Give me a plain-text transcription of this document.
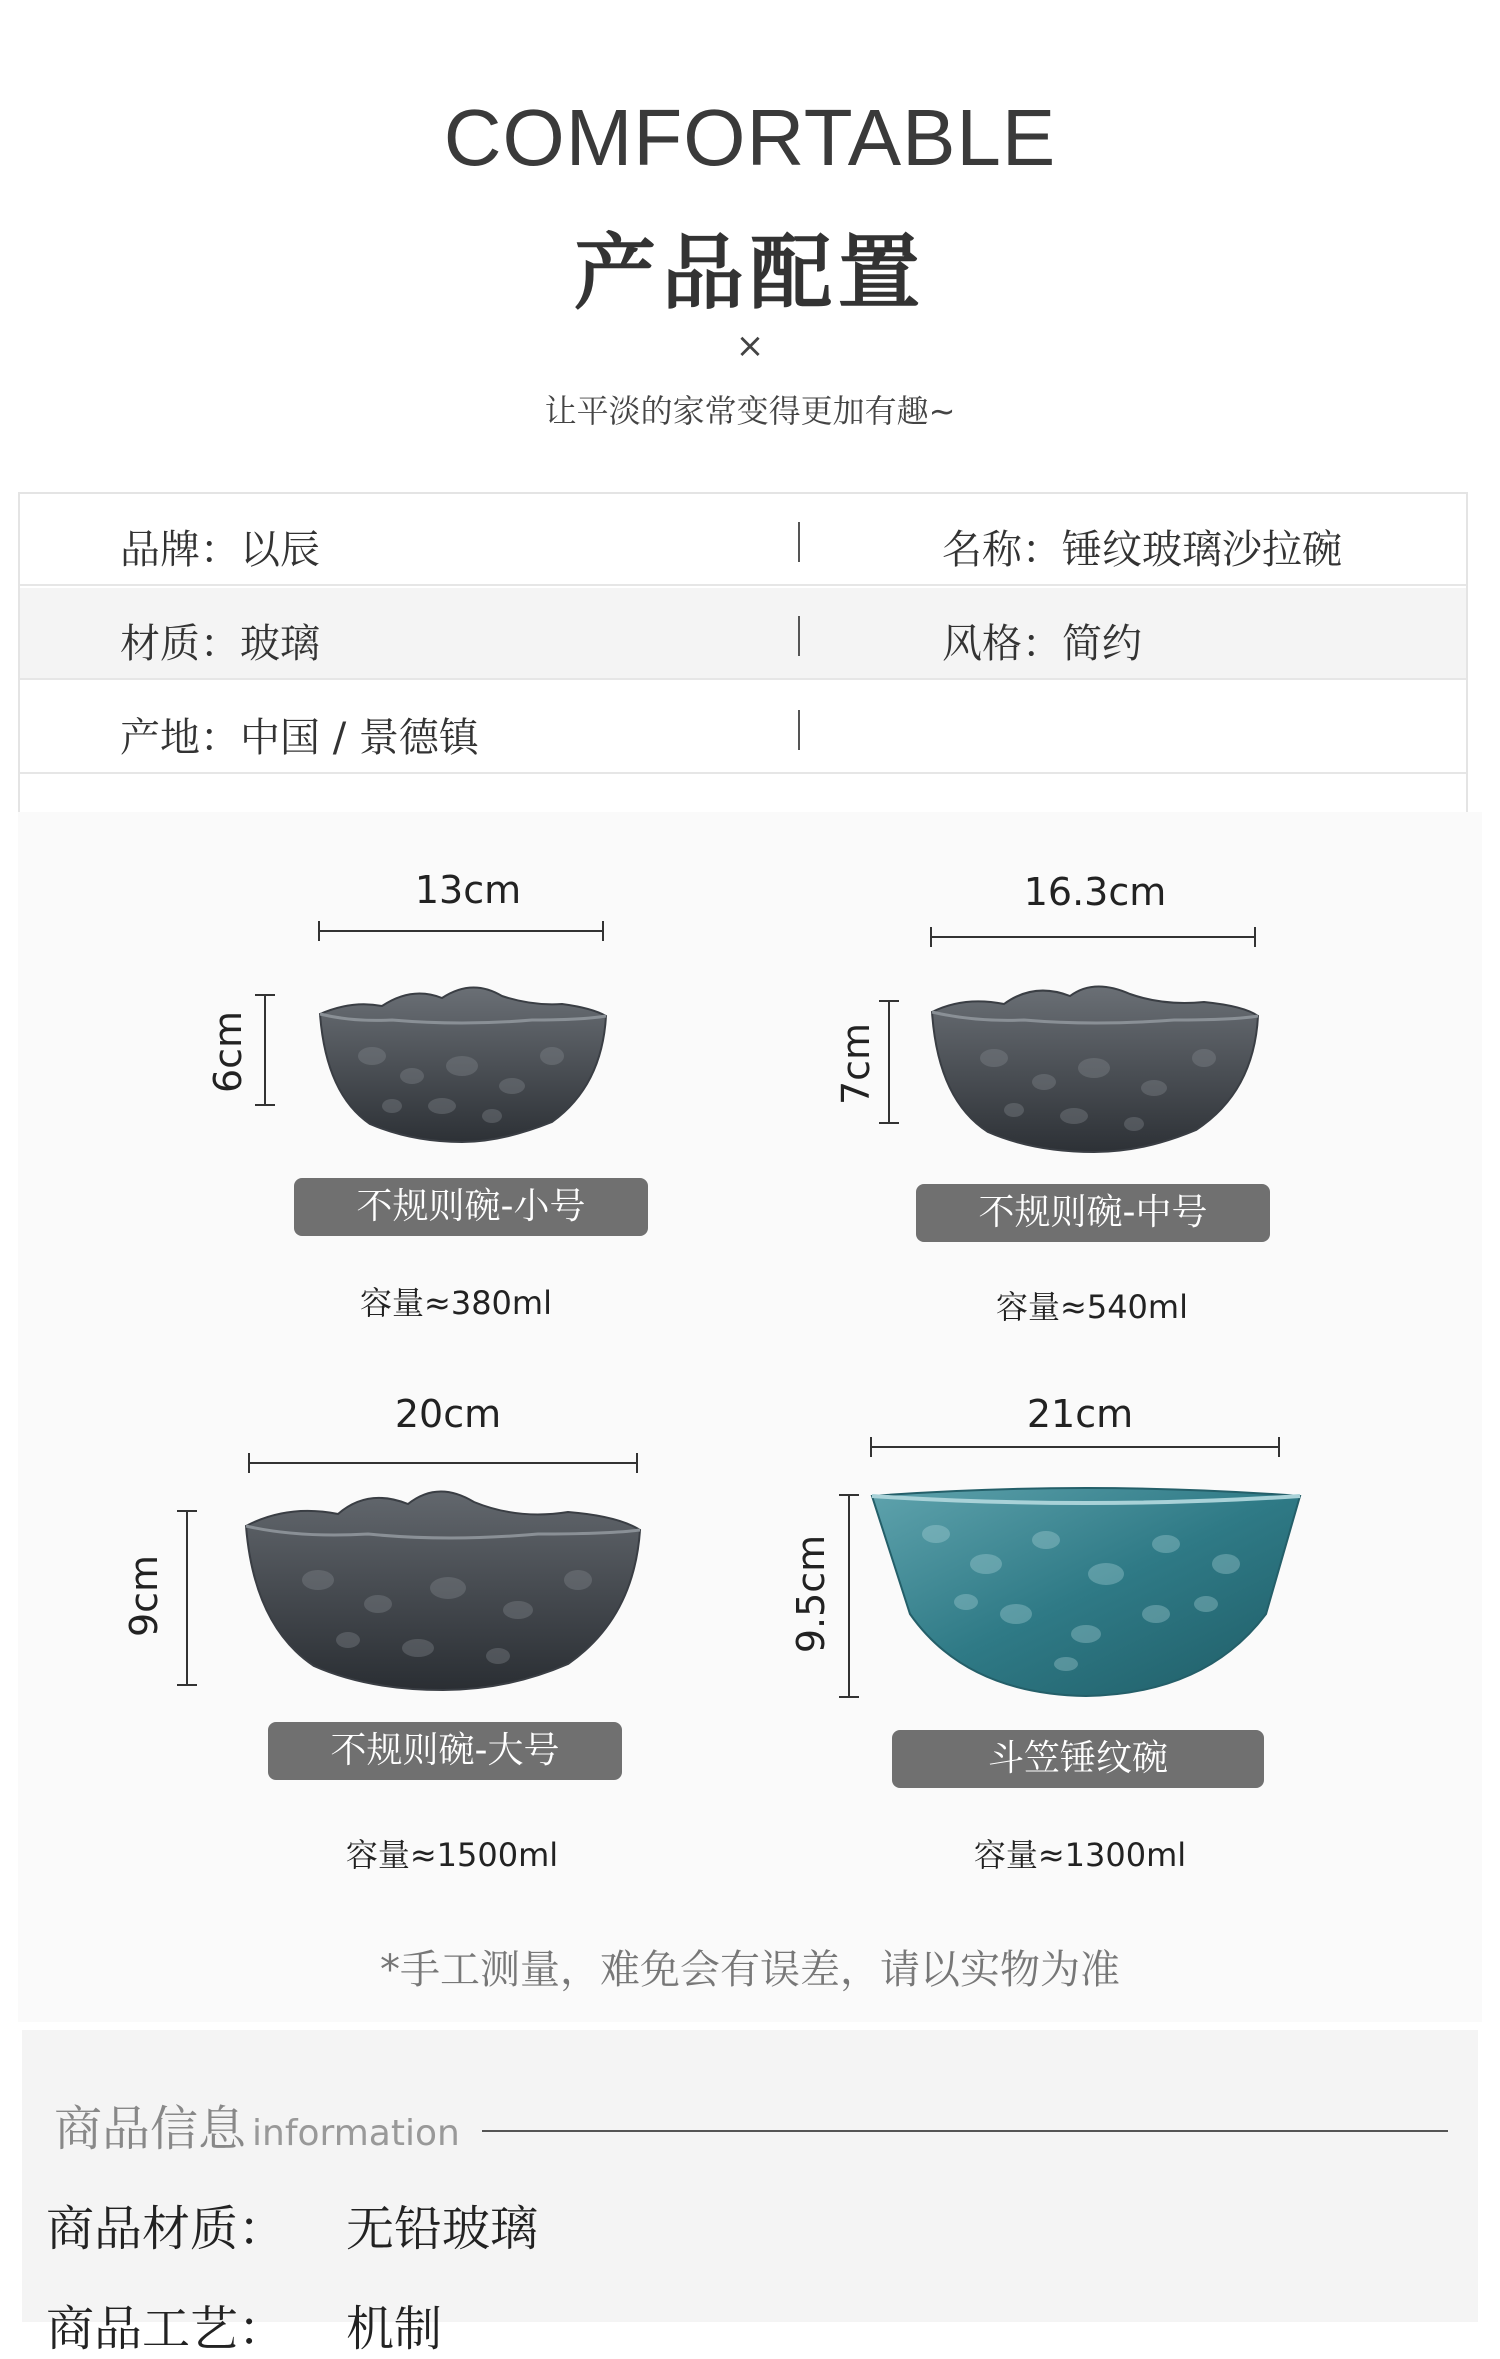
COMFORTABLE
产品配置
×
让平淡的家常变得更加有趣~
品牌：以辰	名称：锤纹玻璃沙拉碗
材质：玻璃	风格：简约
产地：中国 / 景德镇
13cm
6cm
不规则碗-小号
容量≈380ml
16.3cm
7cm
不规则碗-中号
容量≈540ml
20cm
9cm
不规则碗-大号
容量≈1500ml
21cm
9.5cm
斗笠锤纹碗
容量≈1300ml
*手工测量，难免会有误差，请以实物为准
商品信息 information
商品材质： 无铅玻璃
商品工艺： 机制
